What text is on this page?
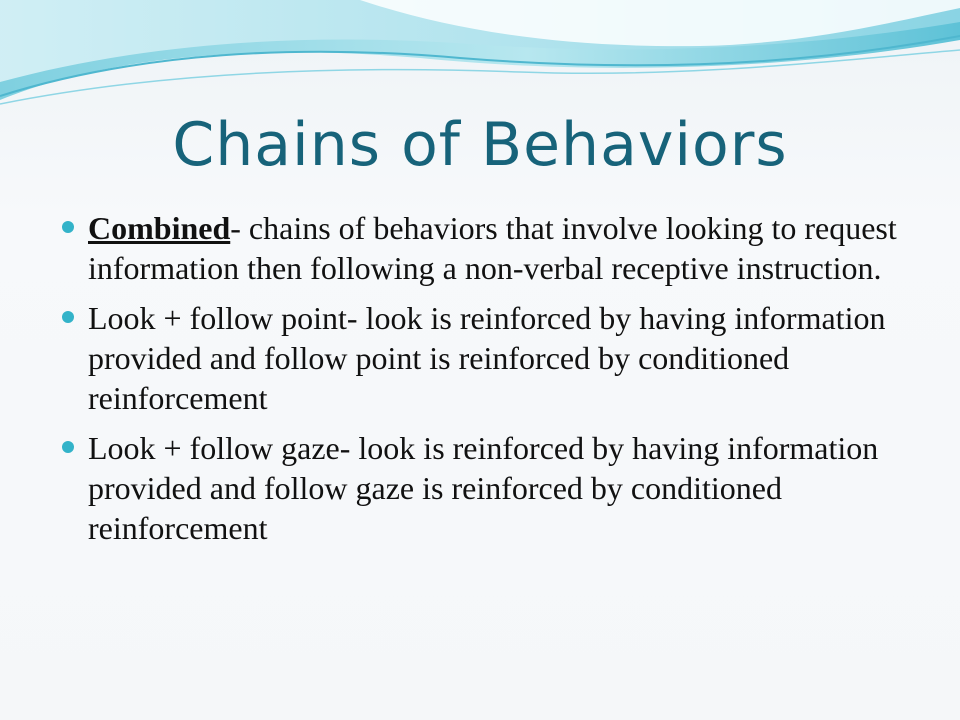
Chains of Behaviors
Combined- chains of behaviors that involve looking to request information then following a non-verbal receptive instruction.
Look + follow point- look is reinforced by having information provided and follow point is reinforced by conditioned reinforcement
Look + follow gaze- look is reinforced by having information provided and follow gaze is reinforced by conditioned reinforcement
